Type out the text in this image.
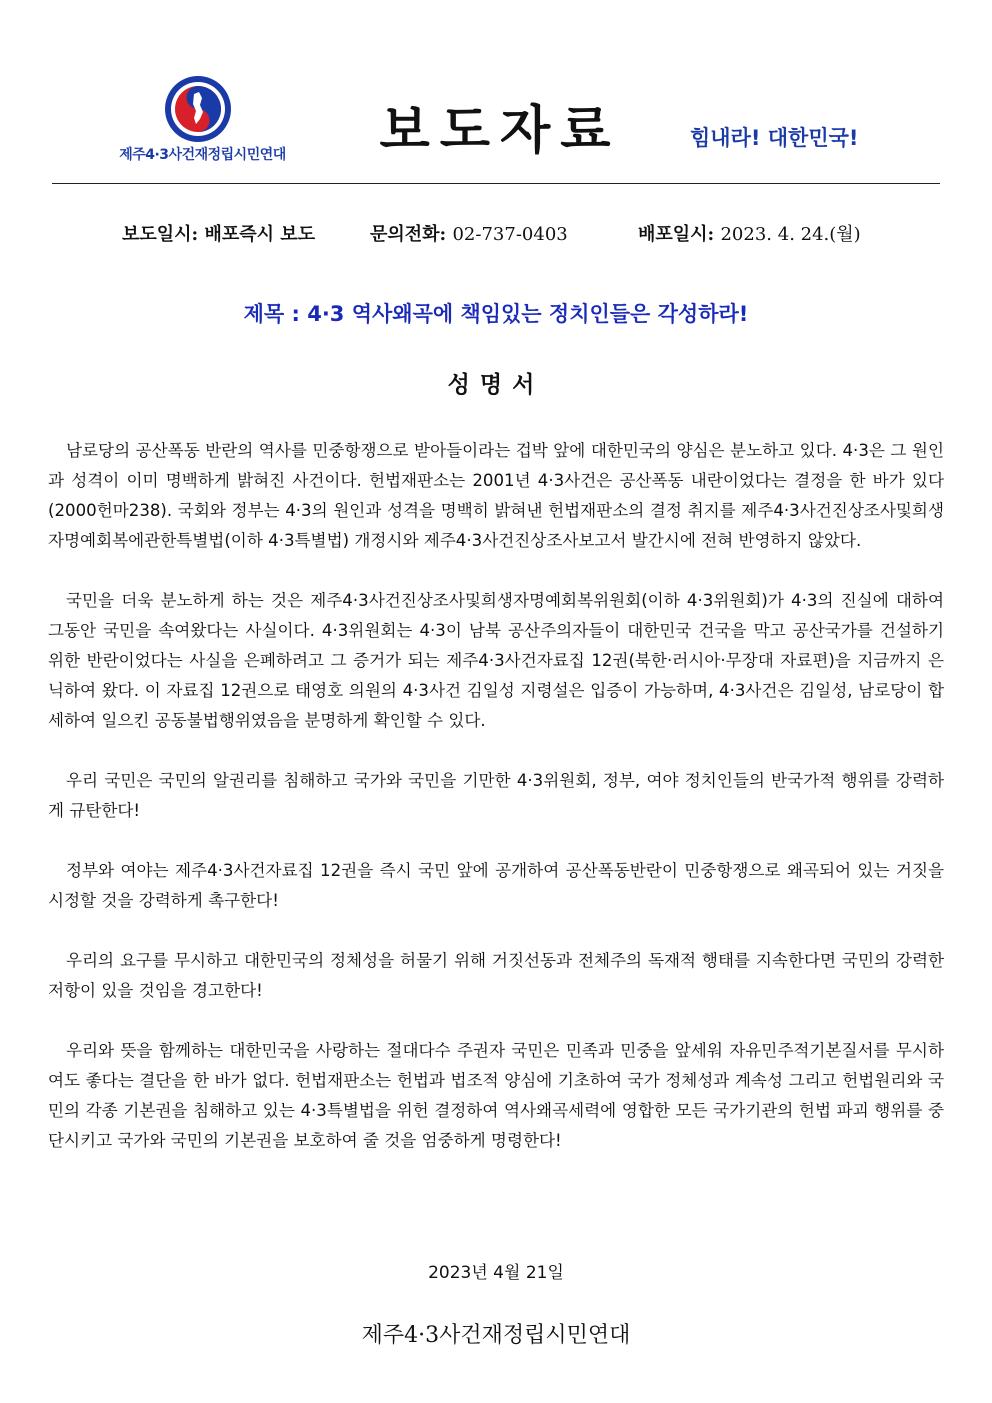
제주4·3사건재정립시민연대	보도자료	힘내라! 대한민국!
보도일시: 배포즉시 보도	문의전화: 02-737-0403	배포일시: 2023. 4. 24.(월)
제목 : 4·3 역사왜곡에 책임있는 정치인들은 각성하라!
성명서

남로당의 공산폭동 반란의 역사를 민중항쟁으로 받아들이라는 겁박 앞에 대한민국의 양심은 분노하고 있다. 4·3은 그 원인과 성격이 이미 명백하게 밝혀진 사건이다. 헌법재판소는 2001년 4·3사건은 공산폭동 내란이었다는 결정을 한 바가 있다(2000헌마238). 국회와 정부는 4·3의 원인과 성격을 명백히 밝혀낸 헌법재판소의 결정 취지를 제주4·3사건진상조사및희생자명예회복에관한특별법(이하 4·3특별법) 개정시와 제주4·3사건진상조사보고서 발간시에 전혀 반영하지 않았다.

국민을 더욱 분노하게 하는 것은 제주4·3사건진상조사및희생자명예회복위원회(이하 4·3위원회)가 4·3의 진실에 대하여 그동안 국민을 속여왔다는 사실이다. 4·3위원회는 4·3이 남북 공산주의자들이 대한민국 건국을 막고 공산국가를 건설하기 위한 반란이었다는 사실을 은폐하려고 그 증거가 되는 제주4·3사건자료집 12권(북한·러시아·무장대 자료편)을 지금까지 은닉하여 왔다. 이 자료집 12권으로 태영호 의원의 4·3사건 김일성 지령설은 입증이 가능하며, 4·3사건은 김일성, 남로당이 합세하여 일으킨 공동불법행위였음을 분명하게 확인할 수 있다.

우리 국민은 국민의 알권리를 침해하고 국가와 국민을 기만한 4·3위원회, 정부, 여야 정치인들의 반국가적 행위를 강력하게 규탄한다!

정부와 여야는 제주4·3사건자료집 12권을 즉시 국민 앞에 공개하여 공산폭동반란이 민중항쟁으로 왜곡되어 있는 거짓을 시정할 것을 강력하게 촉구한다!

우리의 요구를 무시하고 대한민국의 정체성을 허물기 위해 거짓선동과 전체주의 독재적 행태를 지속한다면 국민의 강력한 저항이 있을 것임을 경고한다!

우리와 뜻을 함께하는 대한민국을 사랑하는 절대다수 주권자 국민은 민족과 민중을 앞세워 자유민주적기본질서를 무시하여도 좋다는 결단을 한 바가 없다. 헌법재판소는 헌법과 법조적 양심에 기초하여 국가 정체성과 계속성 그리고 헌법원리와 국민의 각종 기본권을 침해하고 있는 4·3특별법을 위헌 결정하여 역사왜곡세력에 영합한 모든 국가기관의 헌법 파괴 행위를 중단시키고 국가와 국민의 기본권을 보호하여 줄 것을 엄중하게 명령한다!

2023년 4월 21일
제주4·3사건재정립시민연대
